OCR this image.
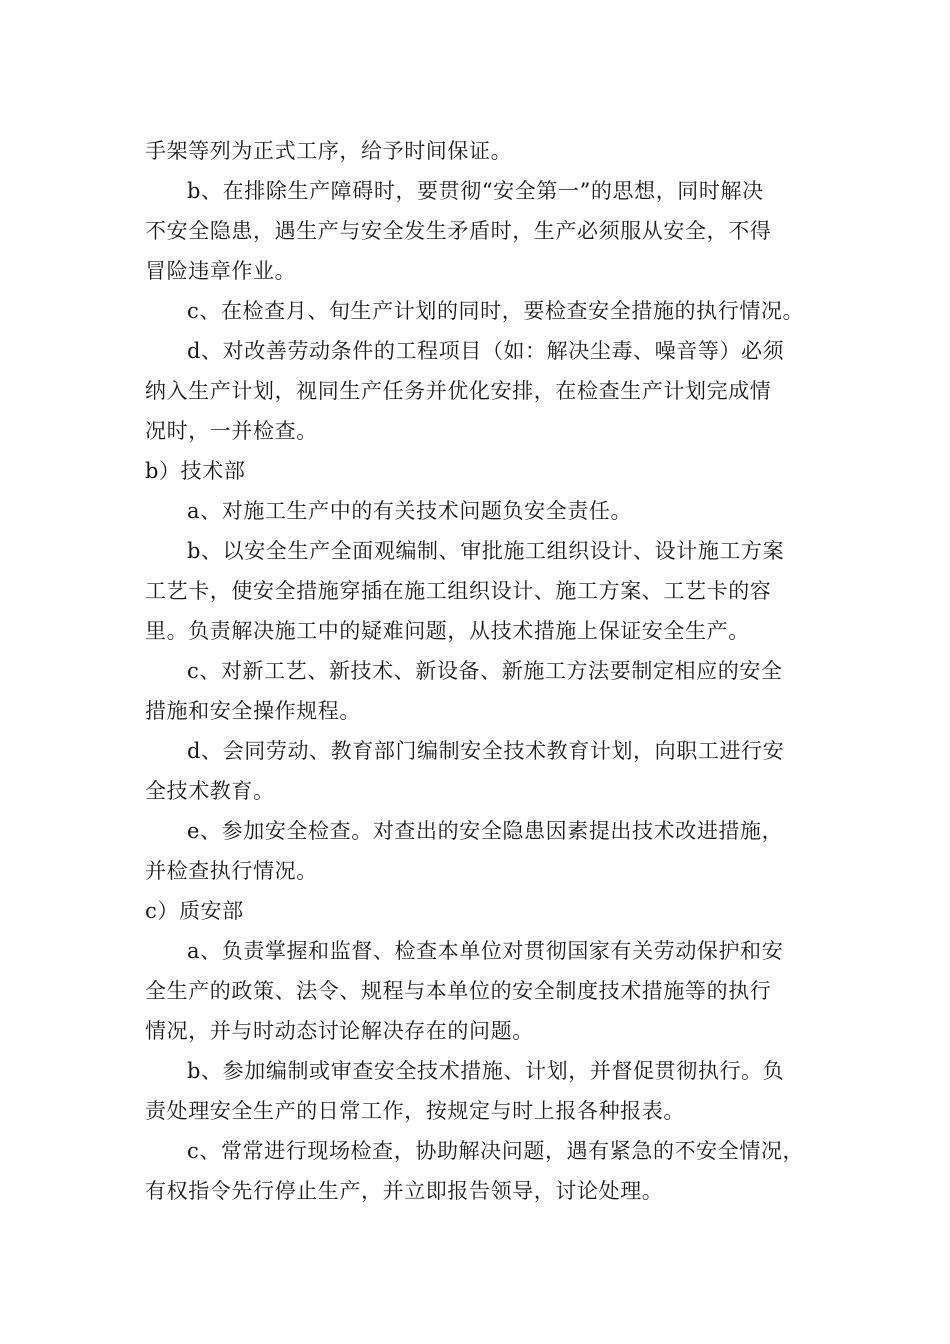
手架等列为正式工序，给予时间保证。
b、在排除生产障碍时，要贯彻“安全第一”的思想，同时解决
不安全隐患，遇生产与安全发生矛盾时，生产必须服从安全，不得
冒险违章作业。
c、在检查月、旬生产计划的同时，要检查安全措施的执行情况。
d、对改善劳动条件的工程项目（如：解决尘毒、噪音等）必须
纳入生产计划，视同生产任务并优化安排，在检查生产计划完成情
况时，一并检查。
b）技术部
a、对施工生产中的有关技术问题负安全责任。
b、以安全生产全面观编制、审批施工组织设计、设计施工方案
工艺卡，使安全措施穿插在施工组织设计、施工方案、工艺卡的容
里。负责解决施工中的疑难问题，从技术措施上保证安全生产。
c、对新工艺、新技术、新设备、新施工方法要制定相应的安全
措施和安全操作规程。
d、会同劳动、教育部门编制安全技术教育计划，向职工进行安
全技术教育。
e、参加安全检查。对查出的安全隐患因素提出技术改进措施，
并检查执行情况。
c）质安部
a、负责掌握和监督、检查本单位对贯彻国家有关劳动保护和安
全生产的政策、法令、规程与本单位的安全制度技术措施等的执行
情况，并与时动态讨论解决存在的问题。
b、参加编制或审查安全技术措施、计划，并督促贯彻执行。负
责处理安全生产的日常工作，按规定与时上报各种报表。
c、常常进行现场检查，协助解决问题，遇有紧急的不安全情况，
有权指令先行停止生产，并立即报告领导，讨论处理。
